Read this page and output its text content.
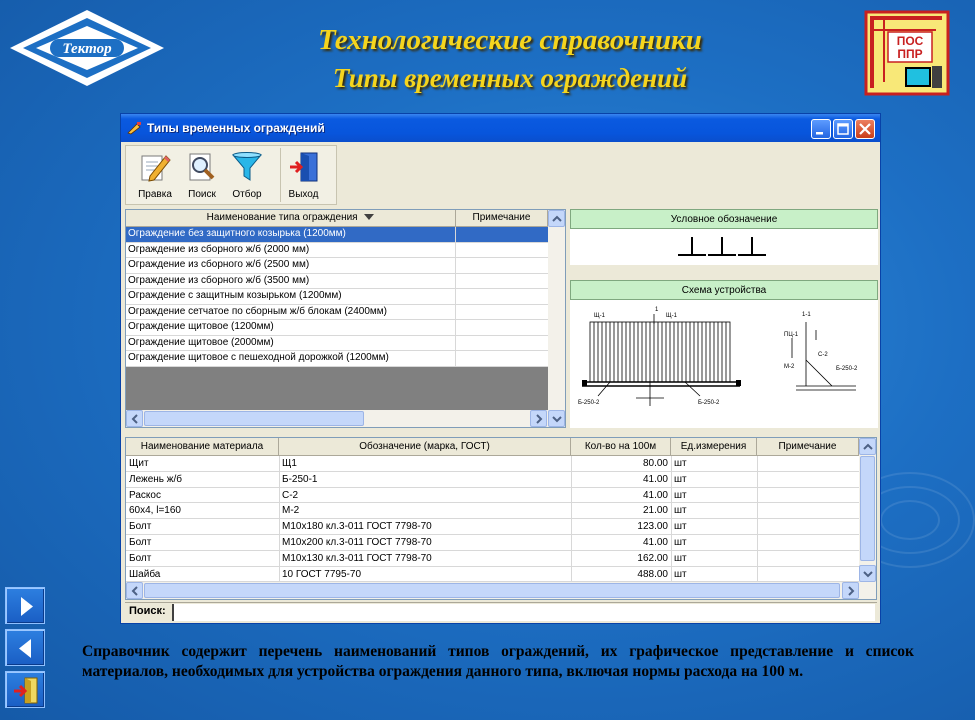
Тектор	Технологические справочники
Типы временных ограждений
ПОС
ППР
Типы временных ограждений
Правка	Поиск	Отбор	Выход
Наименование типа ограждения	Примечание
Ограждение без защитного козырька (1200мм)
Ограждение из сборного ж/б (2000 мм)
Ограждение из сборного ж/б (2500 мм)
Ограждение из сборного ж/б (3500 мм)
Ограждение с защитным козырьком (1200мм)
Ограждение сетчатое по сборным ж/б блокам (2400мм)
Ограждение щитовое (1200мм)
Ограждение щитовое (2000мм)
Ограждение щитовое с пешеходной дорожкой (1200мм)
Условное обозначение
Схема устройства
Щ-1	Щ-1
1
Б-250-2	Б-250-2
1-1
ПЦ-1
С-2
М-2	Б-250-2
Наименование материала	Обозначение (марка, ГОСТ)	Кол-во на 100м	Ед.измерения	Примечание
Щит	Щ1	80.00 шт
Лежень ж/б	Б-250-1	41.00 шт
Раскос	С-2	41.00 шт
60х4, l=160	М-2	21.00 шт
Болт	М10х180 кл.3-011 ГОСТ 7798-70	123.00 шт
Болт	М10х200 кл.3-011 ГОСТ 7798-70	41.00 шт
Болт	М10х130 кл.3-011 ГОСТ 7798-70	162.00 шт
Шайба	10 ГОСТ 7795-70	488.00 шт
Поиск:
Справочник содержит перечень наименований типов ограждений, их графическое представление и список материалов, необходимых для устройства ограждения данного типа, включая нормы расхода на 100 м.
